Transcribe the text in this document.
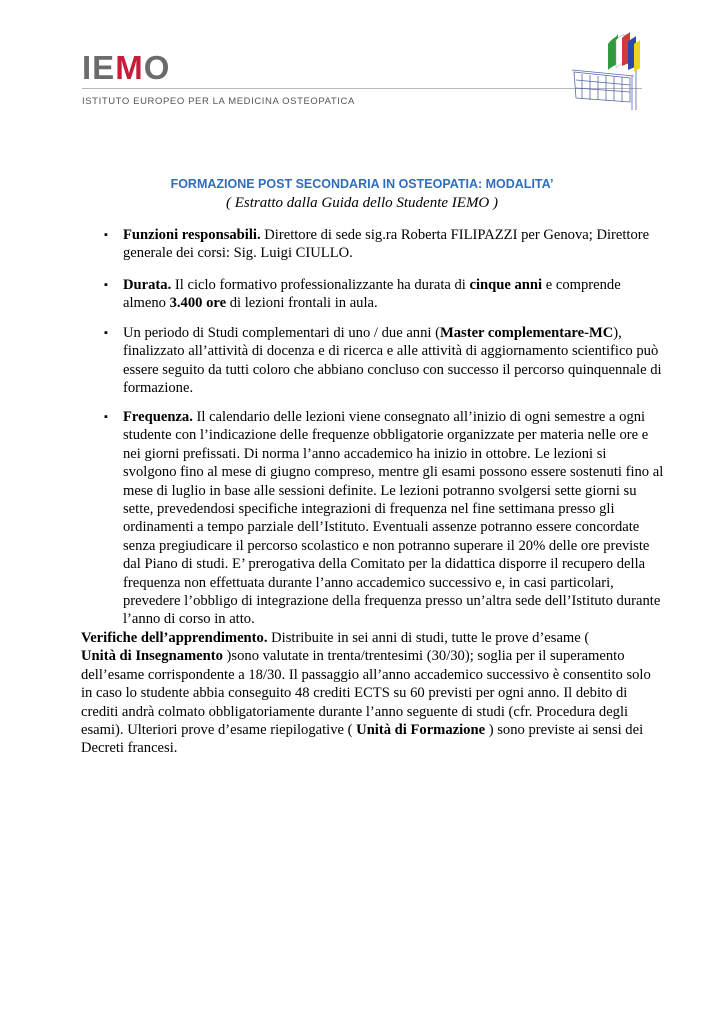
IEMO
ISTITUTO EUROPEO PER LA MEDICINA OSTEOPATICA
FORMAZIONE POST SECONDARIA IN OSTEOPATIA: MODALITA’
( Estratto dalla Guida dello Studente IEMO )
▪	Funzioni responsabili. Direttore di sede sig.ra Roberta FILIPAZZI per Genova; Direttore
generale dei corsi: Sig. Luigi CIULLO.
▪	Durata. Il ciclo formativo professionalizzante ha durata di cinque anni e comprende
almeno 3.400 ore di lezioni frontali in aula.
▪	Un periodo di Studi complementari di uno / due anni (Master complementare-MC),
finalizzato all’attività di docenza e di ricerca e alle attività di aggiornamento scientifico può
essere seguito da tutti coloro che abbiano concluso con successo il percorso quinquennale di
formazione.
▪	Frequenza. Il calendario delle lezioni viene consegnato all’inizio di ogni semestre a ogni
studente con l’indicazione delle frequenze obbligatorie organizzate per materia nelle ore e
nei giorni prefissati. Di norma l’anno accademico ha inizio in ottobre. Le lezioni si
svolgono fino al mese di giugno compreso, mentre gli esami possono essere sostenuti fino al
mese di luglio in base alle sessioni definite. Le lezioni potranno svolgersi sette giorni su
sette, prevedendosi specifiche integrazioni di frequenza nel fine settimana presso gli
ordinamenti a tempo parziale dell’Istituto. Eventuali assenze potranno essere concordate
senza pregiudicare il percorso scolastico e non potranno superare il 20% delle ore previste
dal Piano di studi. E’ prerogativa della Comitato per la didattica disporre il recupero della
frequenza non effettuata durante l’anno accademico successivo e, in casi particolari,
prevedere l’obbligo di integrazione della frequenza presso un’altra sede dell’Istituto durante
l’anno di corso in atto.
Verifiche dell’apprendimento. Distribuite in sei anni di studi, tutte le prove d’esame (
Unità di Insegnamento )sono valutate in trenta/trentesimi (30/30); soglia per il superamento
dell’esame corrispondente a 18/30. Il passaggio all’anno accademico successivo è consentito solo
in caso lo studente abbia conseguito 48 crediti ECTS su 60 previsti per ogni anno. Il debito di
crediti andrà colmato obbligatoriamente durante l’anno seguente di studi (cfr. Procedura degli
esami). Ulteriori prove d’esame riepilogative ( Unità di Formazione ) sono previste ai sensi dei
Decreti francesi.
